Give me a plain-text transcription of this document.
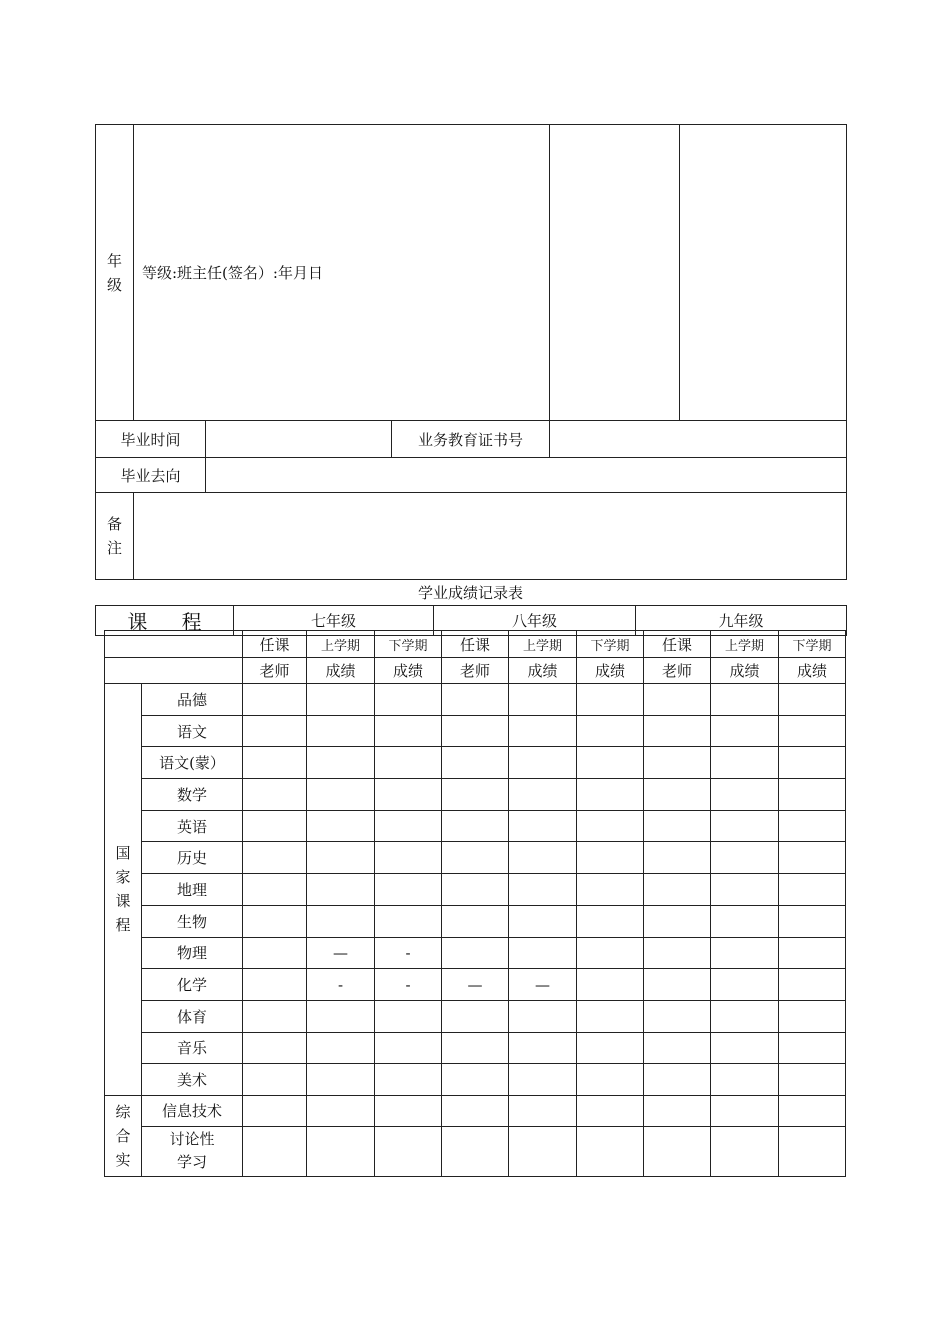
年级	等级:班主任(签名）:年月日				
毕业时间			业务教育证书号		
毕业去向					
备注					
学业成绩记录表
课 程	七年级	八年级	九年级
		任课	上学期	下学期	任课	上学期	下学期	任课	上学期	下学期
		老师	成绩	成绩	老师	成绩	成绩	老师	成绩	成绩
国家课程	品德									
	语文									
	语文(蒙）									
	数学									
	英语									
	历史									
	地理									
	生物									
	物理		—	-						
	化学		-	-	—	—				
	体育									
	音乐									
	美术									
综合实	信息技术									
	讨论性学习									
